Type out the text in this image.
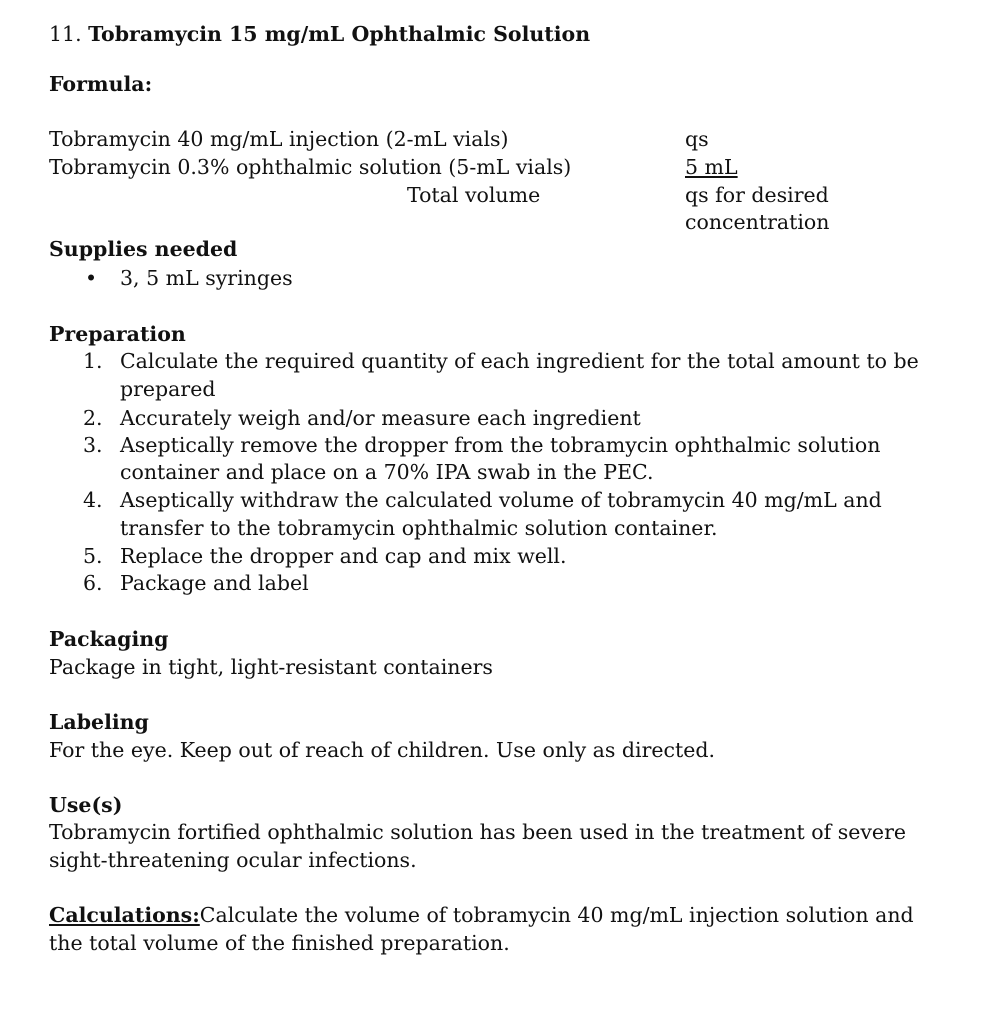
11. Tobramycin 15 mg/mL Ophthalmic Solution
Formula:
Tobramycin 40 mg/mL injection (2-mL vials)	qs
Tobramycin 0.3% ophthalmic solution (5-mL vials)	5 mL
Total volume	qs for desired
concentration
Supplies needed
• 3, 5 mL syringes
Preparation
1. Calculate the required quantity of each ingredient for the total amount to be
prepared
2. Accurately weigh and/or measure each ingredient
3. Aseptically remove the dropper from the tobramycin ophthalmic solution
container and place on a 70% IPA swab in the PEC.
4. Aseptically withdraw the calculated volume of tobramycin 40 mg/mL and
transfer to the tobramycin ophthalmic solution container.
5. Replace the dropper and cap and mix well.
6. Package and label
Packaging
Package in tight, light-resistant containers
Labeling
For the eye. Keep out of reach of children. Use only as directed.
Use(s)
Tobramycin fortified ophthalmic solution has been used in the treatment of severe
sight-threatening ocular infections.
Calculations:Calculate the volume of tobramycin 40 mg/mL injection solution and
the total volume of the finished preparation.
